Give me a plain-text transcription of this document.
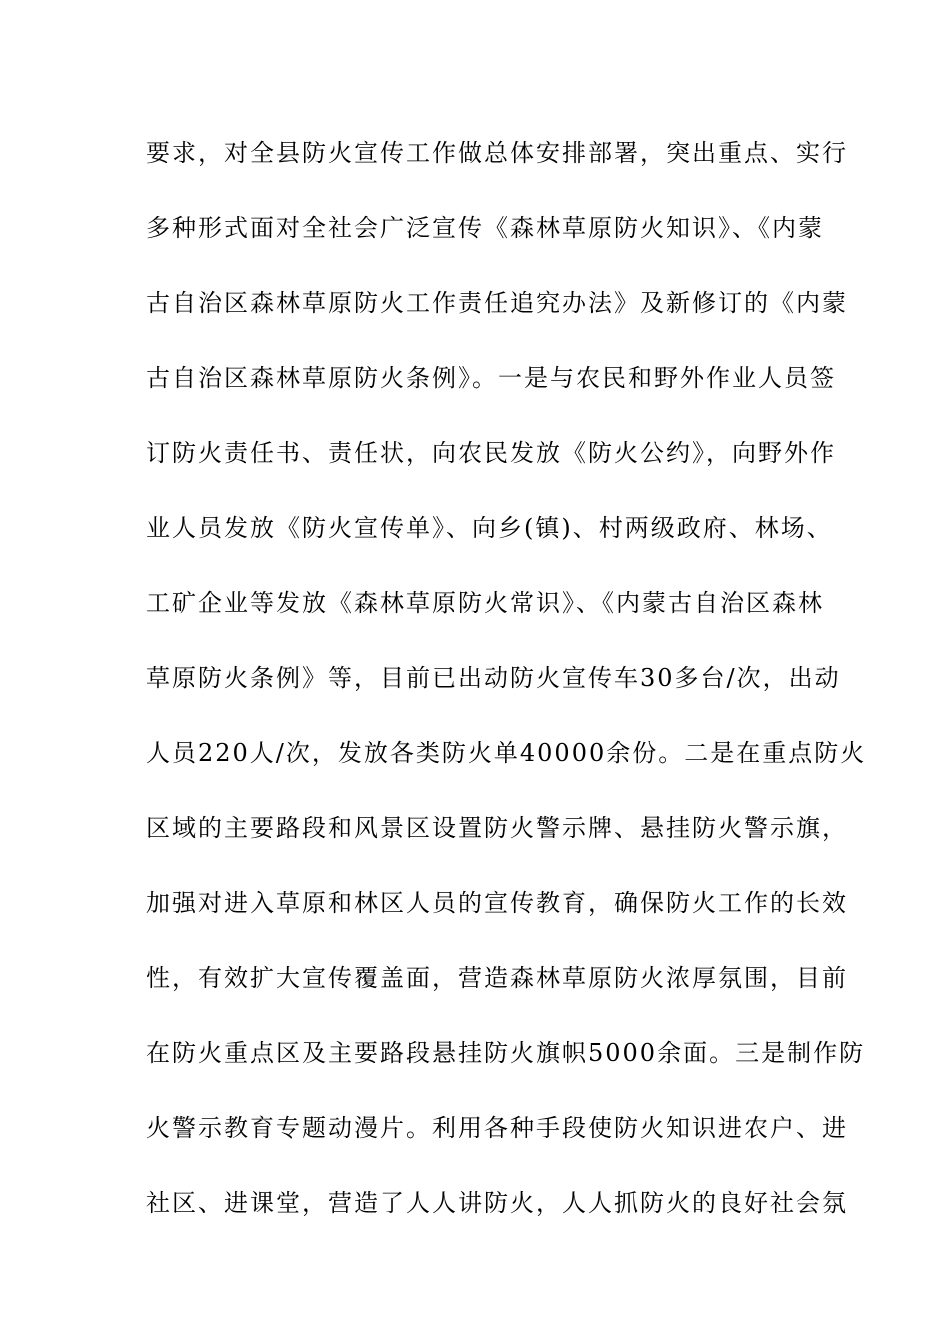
要求，对全县防火宣传工作做总体安排部署，突出重点、实行
多种形式面对全社会广泛宣传《森林草原防火知识》、《内蒙
古自治区森林草原防火工作责任追究办法》及新修订的《内蒙
古自治区森林草原防火条例》。一是与农民和野外作业人员签
订防火责任书、责任状，向农民发放《防火公约》，向野外作
业人员发放《防火宣传单》、向乡(镇)、村两级政府、林场、
工矿企业等发放《森林草原防火常识》、《内蒙古自治区森林
草原防火条例》等，目前已出动防火宣传车30多台/次，出动
人员220人/次，发放各类防火单40000余份。二是在重点防火
区域的主要路段和风景区设置防火警示牌、悬挂防火警示旗，
加强对进入草原和林区人员的宣传教育，确保防火工作的长效
性，有效扩大宣传覆盖面，营造森林草原防火浓厚氛围，目前
在防火重点区及主要路段悬挂防火旗帜5000余面。三是制作防
火警示教育专题动漫片。利用各种手段使防火知识进农户、进
社区、进课堂，营造了人人讲防火，人人抓防火的良好社会氛
